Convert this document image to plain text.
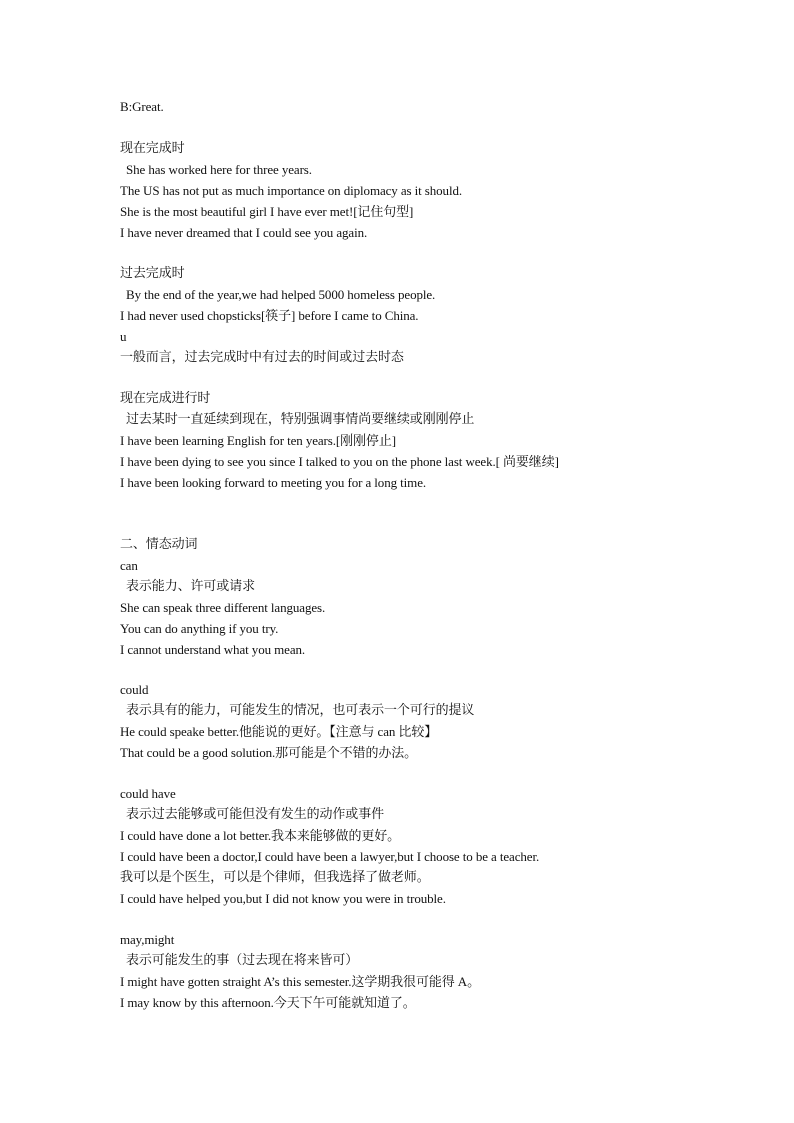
B:Great.
现在完成时
She has worked here for three years.
The US has not put as much importance on diplomacy as it should.
She is the most beautiful girl I have ever met![记住句型]
I have never dreamed that I could see you again.
过去完成时
By the end of the year,we had helped 5000 homeless people.
I had never used chopsticks[筷子] before I came to China.
u
一般而言，过去完成时中有过去的时间或过去时态
现在完成进行时
过去某时一直延续到现在，特别强调事情尚要继续或刚刚停止
I have been learning English for ten years.[刚刚停止]
I have been dying to see you since I talked to you on the phone last week.[ 尚要继续]
I have been looking forward to meeting you for a long time.
二、情态动词
can
表示能力、许可或请求
She can speak three different languages.
You can do anything if you try.
I cannot understand what you mean.
could
表示具有的能力，可能发生的情况，也可表示一个可行的提议
He could speake better.他能说的更好。【注意与 can 比较】
That could be a good solution.那可能是个不错的办法。
could have
表示过去能够或可能但没有发生的动作或事件
I could have done a lot better.我本来能够做的更好。
I could have been a doctor,I could have been a lawyer,but I choose to be a teacher.
我可以是个医生，可以是个律师，但我选择了做老师。
I could have helped you,but I did not know you were in trouble.
may,might
表示可能发生的事（过去现在将来皆可）
I might have gotten straight A’s this semester.这学期我很可能得 A。
I may know by this afternoon.今天下午可能就知道了。
